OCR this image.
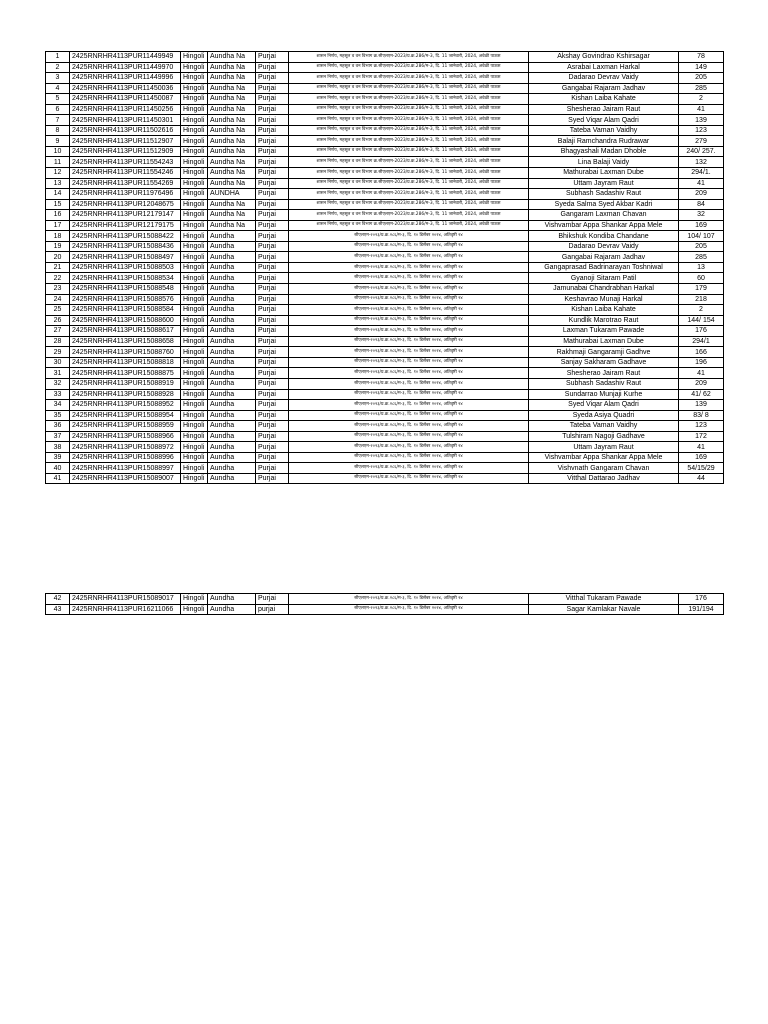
1	2425RNRHR4113PUR11449949	Hingoli	Aundha Na	Purjai	शासन निर्णय, महसूल व वन विभाग क्र.सीएलएम-2023/प्र.क्र.286/म-3, दि. 11 जानेवारी, 2024, अवेळी पाऊस	Akshay Govindrao Kshirsagar	78
2	2425RNRHR4113PUR11449970	Hingoli	Aundha Na	Purjai	शासन निर्णय, महसूल व वन विभाग क्र.सीएलएम-2023/प्र.क्र.286/म-3, दि. 11 जानेवारी, 2024, अवेळी पाऊस	Asrabai Laxman Harkal	149
3	2425RNRHR4113PUR11449996	Hingoli	Aundha Na	Purjai	शासन निर्णय, महसूल व वन विभाग क्र.सीएलएम-2023/प्र.क्र.286/म-3, दि. 11 जानेवारी, 2024, अवेळी पाऊस	Dadarao Devrav Vaidy	205
4	2425RNRHR4113PUR11450036	Hingoli	Aundha Na	Purjai	शासन निर्णय, महसूल व वन विभाग क्र.सीएलएम-2023/प्र.क्र.286/म-3, दि. 11 जानेवारी, 2024, अवेळी पाऊस	Gangabai Rajaram Jadhav	285
5	2425RNRHR4113PUR11450087	Hingoli	Aundha Na	Purjai	शासन निर्णय, महसूल व वन विभाग क्र.सीएलएम-2023/प्र.क्र.286/म-3, दि. 11 जानेवारी, 2024, अवेळी पाऊस	Kishan Laiba Kahate	2
6	2425RNRHR4113PUR11450256	Hingoli	Aundha Na	Purjai	शासन निर्णय, महसूल व वन विभाग क्र.सीएलएम-2023/प्र.क्र.286/म-3, दि. 11 जानेवारी, 2024, अवेळी पाऊस	Shesherao Jairam Raut	41
7	2425RNRHR4113PUR11450301	Hingoli	Aundha Na	Purjai	शासन निर्णय, महसूल व वन विभाग क्र.सीएलएम-2023/प्र.क्र.286/म-3, दि. 11 जानेवारी, 2024, अवेळी पाऊस	Syed Viqar Alam Qadri	139
8	2425RNRHR4113PUR11502616	Hingoli	Aundha Na	Purjai	शासन निर्णय, महसूल व वन विभाग क्र.सीएलएम-2023/प्र.क्र.286/म-3, दि. 11 जानेवारी, 2024, अवेळी पाऊस	Tateba Vaman Vaidhy	123
9	2425RNRHR4113PUR11512907	Hingoli	Aundha Na	Purjai	शासन निर्णय, महसूल व वन विभाग क्र.सीएलएम-2023/प्र.क्र.286/म-3, दि. 11 जानेवारी, 2024, अवेळी पाऊस	Balaji Ramchandra Rudrawar	279
10	2425RNRHR4113PUR11512909	Hingoli	Aundha Na	Purjai	शासन निर्णय, महसूल व वन विभाग क्र.सीएलएम-2023/प्र.क्र.286/म-3, दि. 11 जानेवारी, 2024, अवेळी पाऊस	Bhagyashali Madan Dhoble	240/ 257.
11	2425RNRHR4113PUR11554243	Hingoli	Aundha Na	Purjai	शासन निर्णय, महसूल व वन विभाग क्र.सीएलएम-2023/प्र.क्र.286/म-3, दि. 11 जानेवारी, 2024, अवेळी पाऊस	Lina Balaji Vaidy	132
12	2425RNRHR4113PUR11554246	Hingoli	Aundha Na	Purjai	शासन निर्णय, महसूल व वन विभाग क्र.सीएलएम-2023/प्र.क्र.286/म-3, दि. 11 जानेवारी, 2024, अवेळी पाऊस	Mathurabai Laxman Dube	294/1.
13	2425RNRHR4113PUR11554269	Hingoli	Aundha Na	Purjai	शासन निर्णय, महसूल व वन विभाग क्र.सीएलएम-2023/प्र.क्र.286/म-3, दि. 11 जानेवारी, 2024, अवेळी पाऊस	Uttam Jayram Raut	41
14	2425RNRHR4113PUR11976496	Hingoli	AUNDHA	Purjai	शासन निर्णय, महसूल व वन विभाग क्र.सीएलएम-2023/प्र.क्र.286/म-3, दि. 11 जानेवारी, 2024, अवेळी पाऊस	Subhash Sadashiv Raut	209
15	2425RNRHR4113PUR12048675	Hingoli	Aundha Na	Purjai	शासन निर्णय, महसूल व वन विभाग क्र.सीएलएम-2023/प्र.क्र.286/म-3, दि. 11 जानेवारी, 2024, अवेळी पाऊस	Syeda Salma Syed Akbar Kadri	84
16	2425RNRHR4113PUR12179147	Hingoli	Aundha Na	Purjai	शासन निर्णय, महसूल व वन विभाग क्र.सीएलएम-2023/प्र.क्र.286/म-3, दि. 11 जानेवारी, 2024, अवेळी पाऊस	Gangaram Laxman Chavan	32
17	2425RNRHR4113PUR12179175	Hingoli	Aundha Na	Purjai	शासन निर्णय, महसूल व वन विभाग क्र.सीएलएम-2023/प्र.क्र.286/म-3, दि. 11 जानेवारी, 2024, अवेळी पाऊस	Vishvambar Appa Shankar Appa Mele	169
18	2425RNRHR4113PUR15088422	Hingoli	Aundha	Purjai	सीएलएम-२०२३/प्र.क्र.२८६/म-३, दि. १० डिसेंबर २०२४, अतिवृष्टी २४	Bhikshuk Kondiba Chandane	104/ 107
19	2425RNRHR4113PUR15088436	Hingoli	Aundha	Purjai	सीएलएम-२०२३/प्र.क्र.२८६/म-३, दि. १० डिसेंबर २०२४, अतिवृष्टी २४	Dadarao Devrav Vaidy	205
20	2425RNRHR4113PUR15088497	Hingoli	Aundha	Purjai	सीएलएम-२०२३/प्र.क्र.२८६/म-३, दि. १० डिसेंबर २०२४, अतिवृष्टी २४	Gangabai Rajaram Jadhav	285
21	2425RNRHR4113PUR15088503	Hingoli	Aundha	Purjai	सीएलएम-२०२३/प्र.क्र.२८६/म-३, दि. १० डिसेंबर २०२४, अतिवृष्टी २४	Gangaprasad Badrinarayan Toshniwal	13
22	2425RNRHR4113PUR15088534	Hingoli	Aundha	Purjai	सीएलएम-२०२३/प्र.क्र.२८६/म-३, दि. १० डिसेंबर २०२४, अतिवृष्टी २४	Gyanoji Sitaram Patil	60
23	2425RNRHR4113PUR15088548	Hingoli	Aundha	Purjai	सीएलएम-२०२३/प्र.क्र.२८६/म-३, दि. १० डिसेंबर २०२४, अतिवृष्टी २४	Jamunabai Chandrabhan Harkal	179
24	2425RNRHR4113PUR15088576	Hingoli	Aundha	Purjai	सीएलएम-२०२३/प्र.क्र.२८६/म-३, दि. १० डिसेंबर २०२४, अतिवृष्टी २४	Keshavrao Munaji Harkal	218
25	2425RNRHR4113PUR15088584	Hingoli	Aundha	Purjai	सीएलएम-२०२३/प्र.क्र.२८६/म-३, दि. १० डिसेंबर २०२४, अतिवृष्टी २४	Kishan Laiba Kahate	2
26	2425RNRHR4113PUR15088600	Hingoli	Aundha	Purjai	सीएलएम-२०२३/प्र.क्र.२८६/म-३, दि. १० डिसेंबर २०२४, अतिवृष्टी २४	Kundlik Marotrao Raut	144/ 154
27	2425RNRHR4113PUR15088617	Hingoli	Aundha	Purjai	सीएलएम-२०२३/प्र.क्र.२८६/म-३, दि. १० डिसेंबर २०२४, अतिवृष्टी २४	Laxman Tukaram Pawade	176
28	2425RNRHR4113PUR15088658	Hingoli	Aundha	Purjai	सीएलएम-२०२३/प्र.क्र.२८६/म-३, दि. १० डिसेंबर २०२४, अतिवृष्टी २४	Mathurabai Laxman Dube	294/1
29	2425RNRHR4113PUR15088760	Hingoli	Aundha	Purjai	सीएलएम-२०२३/प्र.क्र.२८६/म-३, दि. १० डिसेंबर २०२४, अतिवृष्टी २४	Rakhmaji Gangaramji Gadhve	166
30	2425RNRHR4113PUR15088818	Hingoli	Aundha	Purjai	सीएलएम-२०२३/प्र.क्र.२८६/म-३, दि. १० डिसेंबर २०२४, अतिवृष्टी २४	Sanjay Sakharam Gadhave	196
31	2425RNRHR4113PUR15088875	Hingoli	Aundha	Purjai	सीएलएम-२०२३/प्र.क्र.२८६/म-३, दि. १० डिसेंबर २०२४, अतिवृष्टी २४	Shesherao Jairam Raut	41
32	2425RNRHR4113PUR15088919	Hingoli	Aundha	Purjai	सीएलएम-२०२३/प्र.क्र.२८६/म-३, दि. १० डिसेंबर २०२४, अतिवृष्टी २४	Subhash Sadashiv Raut	209
33	2425RNRHR4113PUR15088928	Hingoli	Aundha	Purjai	सीएलएम-२०२३/प्र.क्र.२८६/म-३, दि. १० डिसेंबर २०२४, अतिवृष्टी २४	Sundarrao Munjaji Kurhe	41/ 62
34	2425RNRHR4113PUR15088952	Hingoli	Aundha	Purjai	सीएलएम-२०२३/प्र.क्र.२८६/म-३, दि. १० डिसेंबर २०२४, अतिवृष्टी २४	Syed Viqar Alam Qadri	139
35	2425RNRHR4113PUR15088954	Hingoli	Aundha	Purjai	सीएलएम-२०२३/प्र.क्र.२८६/म-३, दि. १० डिसेंबर २०२४, अतिवृष्टी २४	Syeda Asiya Quadri	83/ 8
36	2425RNRHR4113PUR15088959	Hingoli	Aundha	Purjai	सीएलएम-२०२३/प्र.क्र.२८६/म-३, दि. १० डिसेंबर २०२४, अतिवृष्टी २४	Tateba Vaman Vaidhy	123
37	2425RNRHR4113PUR15088966	Hingoli	Aundha	Purjai	सीएलएम-२०२३/प्र.क्र.२८६/म-३, दि. १० डिसेंबर २०२४, अतिवृष्टी २४	Tulshiram Nagoji Gadhave	172
38	2425RNRHR4113PUR15088972	Hingoli	Aundha	Purjai	सीएलएम-२०२३/प्र.क्र.२८६/म-३, दि. १० डिसेंबर २०२४, अतिवृष्टी २४	Uttam Jayram Raut	41
39	2425RNRHR4113PUR15088996	Hingoli	Aundha	Purjai	सीएलएम-२०२३/प्र.क्र.२८६/म-३, दि. १० डिसेंबर २०२४, अतिवृष्टी २४	Vishvambar Appa Shankar Appa Mele	169
40	2425RNRHR4113PUR15088997	Hingoli	Aundha	Purjai	सीएलएम-२०२३/प्र.क्र.२८६/म-३, दि. १० डिसेंबर २०२४, अतिवृष्टी २४	Vishvnath Gangaram Chavan	54/15/29
41	2425RNRHR4113PUR15089007	Hingoli	Aundha	Purjai	सीएलएम-२०२३/प्र.क्र.२८६/म-३, दि. १० डिसेंबर २०२४, अतिवृष्टी २४	Vitthal Dattarao Jadhav	44
42	2425RNRHR4113PUR15089017	Hingoli	Aundha	Purjai	सीएलएम-२०२३/प्र.क्र.२८६/म-३, दि. १० डिसेंबर २०२४, अतिवृष्टी २४	Vitthal Tukaram Pawade	176
43	2425RNRHR4113PUR16211066	Hingoli	Aundha	purjai	सीएलएम-२०२३/प्र.क्र.२८६/म-३, दि. १० डिसेंबर २०२४, अतिवृष्टी २४	Sagar Kamlakar Navale	191/194
